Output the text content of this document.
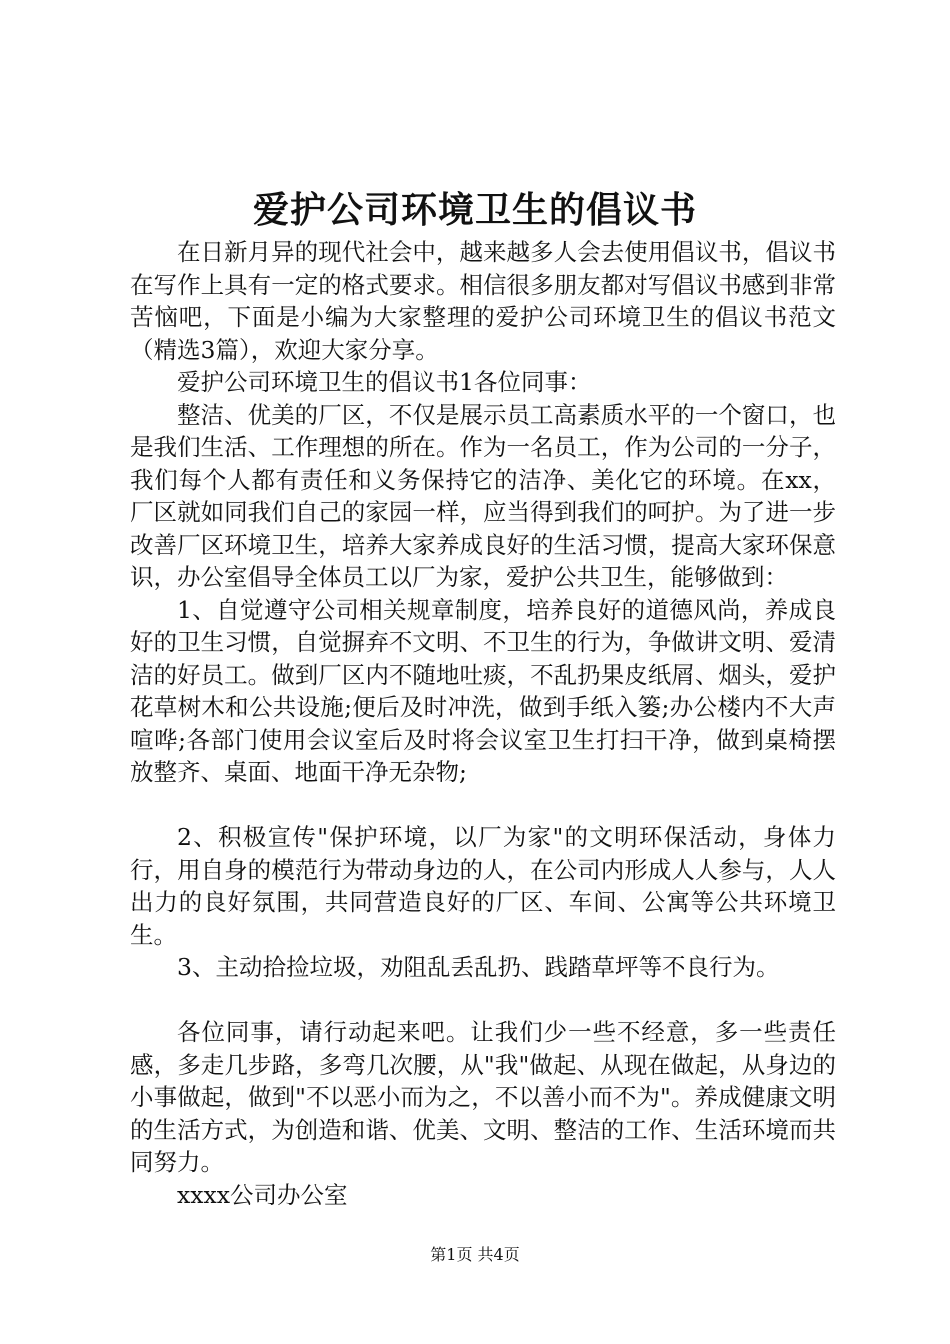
爱护公司环境卫生的倡议书

在日新月异的现代社会中，越来越多人会去使用倡议书，倡议书在写作上具有一定的格式要求。相信很多朋友都对写倡议书感到非常苦恼吧，下面是小编为大家整理的爱护公司环境卫生的倡议书范文（精选3篇），欢迎大家分享。

爱护公司环境卫生的倡议书1各位同事：

整洁、优美的厂区，不仅是展示员工高素质水平的一个窗口，也是我们生活、工作理想的所在。作为一名员工，作为公司的一分子，我们每个人都有责任和义务保持它的洁净、美化它的环境。在xx，厂区就如同我们自己的家园一样，应当得到我们的呵护。为了进一步改善厂区环境卫生，培养大家养成良好的生活习惯，提高大家环保意识，办公室倡导全体员工以厂为家，爱护公共卫生，能够做到：

1、自觉遵守公司相关规章制度，培养良好的道德风尚，养成良好的卫生习惯，自觉摒弃不文明、不卫生的行为，争做讲文明、爱清洁的好员工。做到厂区内不随地吐痰，不乱扔果皮纸屑、烟头，爱护花草树木和公共设施;便后及时冲洗，做到手纸入篓;办公楼内不大声喧哗;各部门使用会议室后及时将会议室卫生打扫干净，做到桌椅摆放整齐、桌面、地面干净无杂物;

2、积极宣传"保护环境，以厂为家"的文明环保活动，身体力行，用自身的模范行为带动身边的人，在公司内形成人人参与，人人出力的良好氛围，共同营造良好的厂区、车间、公寓等公共环境卫生。

3、主动拾捡垃圾，劝阻乱丢乱扔、践踏草坪等不良行为。

各位同事，请行动起来吧。让我们少一些不经意，多一些责任感，多走几步路，多弯几次腰，从"我"做起、从现在做起，从身边的小事做起，做到"不以恶小而为之，不以善小而不为"。养成健康文明的生活方式，为创造和谐、优美、文明、整洁的工作、生活环境而共同努力。

xxxx公司办公室

第1页 共4页
